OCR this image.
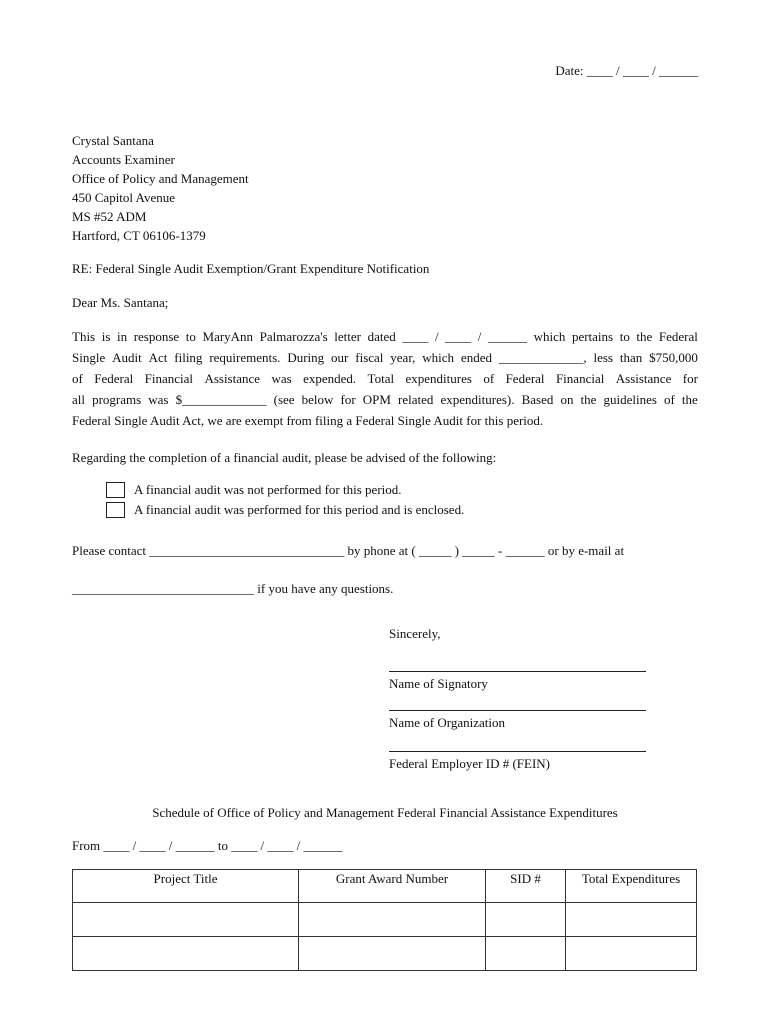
Date: ____ / ____ / ______
Crystal Santana
Accounts Examiner
Office of Policy and Management
450 Capitol Avenue
MS #52 ADM
Hartford, CT 06106-1379
RE: Federal Single Audit Exemption/Grant Expenditure Notification
Dear Ms. Santana;
This is in response to MaryAnn Palmarozza's letter dated ____ / ____ / ______ which pertains to the Federal
Single Audit Act filing requirements. During our fiscal year, which ended _____________, less than $750,000
of Federal Financial Assistance was expended. Total expenditures of Federal Financial Assistance for
all programs was $_____________ (see below for OPM related expenditures). Based on the guidelines of the
Federal Single Audit Act, we are exempt from filing a Federal Single Audit for this period.
Regarding the completion of a financial audit, please be advised of the following:
A financial audit was not performed for this period.
A financial audit was performed for this period and is enclosed.
Please contact ______________________________ by phone at ( _____ ) _____ - ______ or by e-mail at
____________________________ if you have any questions.
Sincerely,
Name of Signatory
Name of Organization
Federal Employer ID # (FEIN)
Schedule of Office of Policy and Management Federal Financial Assistance Expenditures
From ____ / ____ / ______ to ____ / ____ / ______
Project Title	Grant Award Number	SID #	Total Expenditures
